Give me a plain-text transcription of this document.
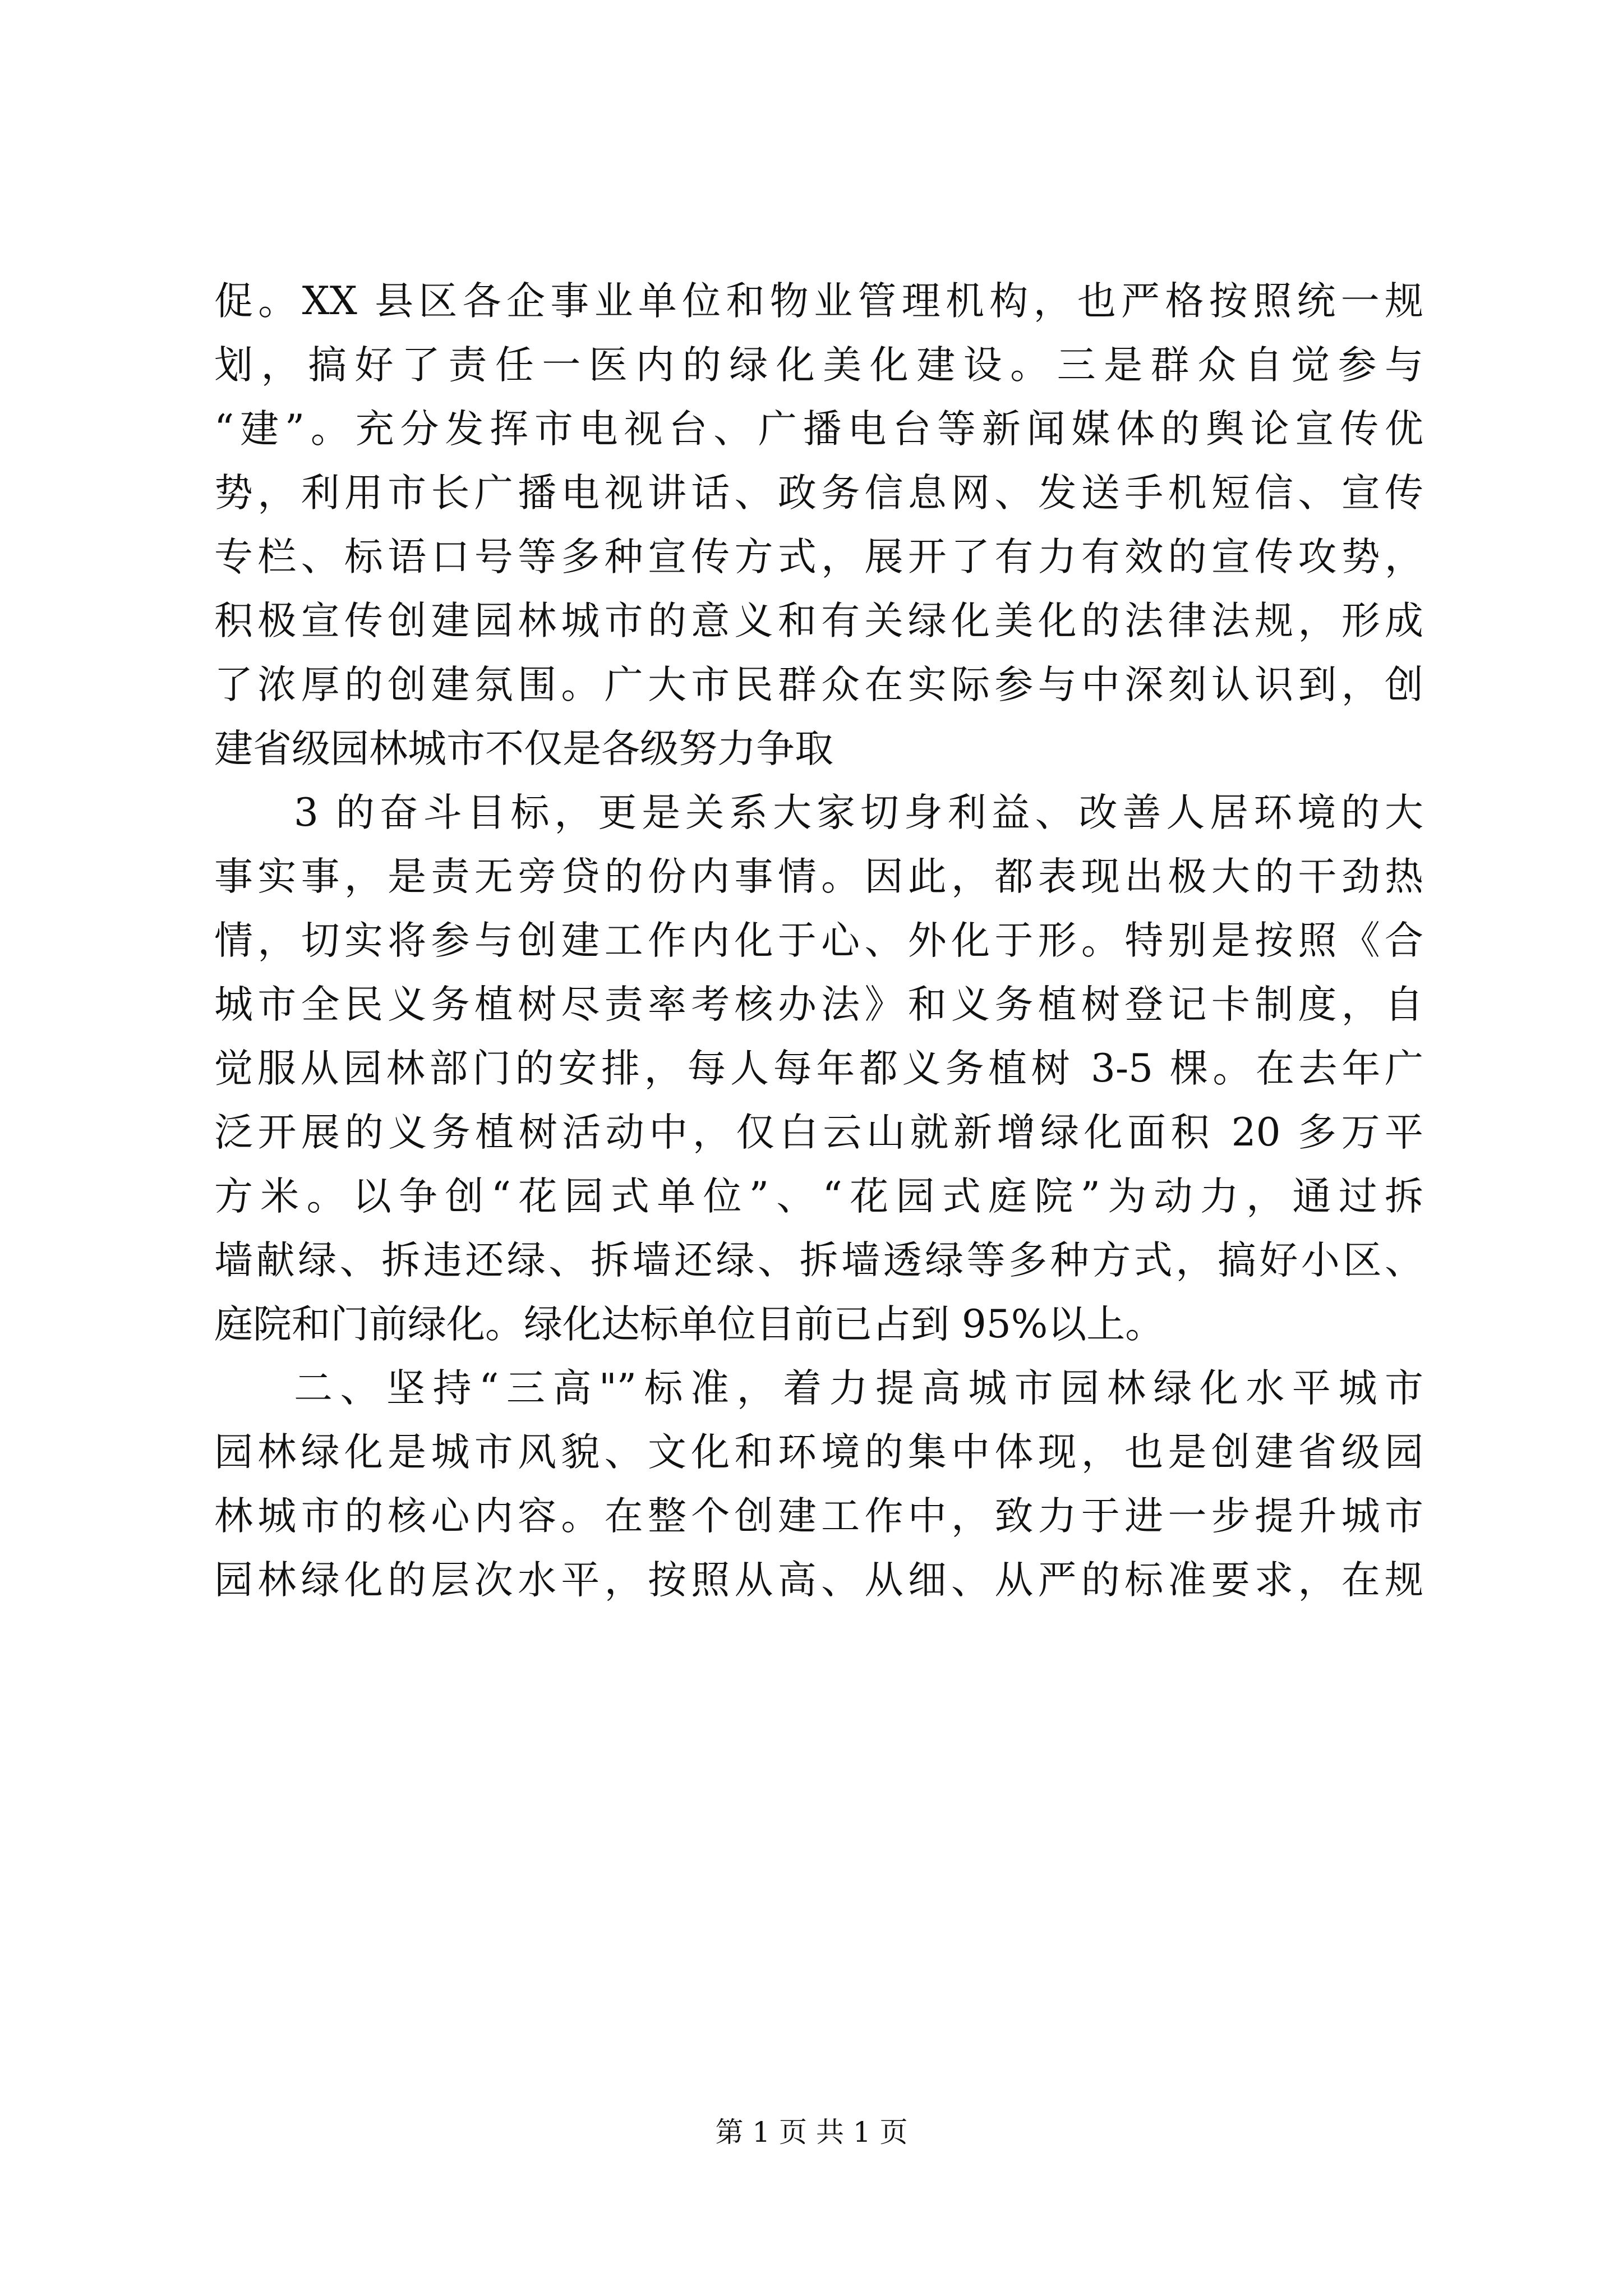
促。XX 县区各企事业单位和物业管理机构，也严格按照统一规
划，搞好了责任一医内的绿化美化建设。三是群众自觉参与
“建”。充分发挥市电视台、广播电台等新闻媒体的舆论宣传优
势，利用市长广播电视讲话、政务信息网、发送手机短信、宣传
专栏、标语口号等多种宣传方式，展开了有力有效的宣传攻势，
积极宣传创建园林城市的意义和有关绿化美化的法律法规，形成
了浓厚的创建氛围。广大市民群众在实际参与中深刻认识到，创
建省级园林城市不仅是各级努力争取
3 的奋斗目标，更是关系大家切身利益、改善人居环境的大
事实事，是责无旁贷的份内事情。因此，都表现出极大的干劲热
情，切实将参与创建工作内化于心、外化于形。特别是按照《合
城市全民义务植树尽责率考核办法》和义务植树登记卡制度，自
觉服从园林部门的安排，每人每年都义务植树 3-5 棵。在去年广
泛开展的义务植树活动中，仅白云山就新增绿化面积 20 多万平
方米。以争创“花园式单位”、“花园式庭院”为动力，通过拆
墙献绿、拆违还绿、拆墙还绿、拆墙透绿等多种方式，搞好小区、
庭院和门前绿化。绿化达标单位目前已占到 95%以上。
二、坚持“三高"”标准，着力提高城市园林绿化水平城市
园林绿化是城市风貌、文化和环境的集中体现，也是创建省级园
林城市的核心内容。在整个创建工作中，致力于进一步提升城市
园林绿化的层次水平，按照从高、从细、从严的标准要求，在规
第 1 页 共 1 页
